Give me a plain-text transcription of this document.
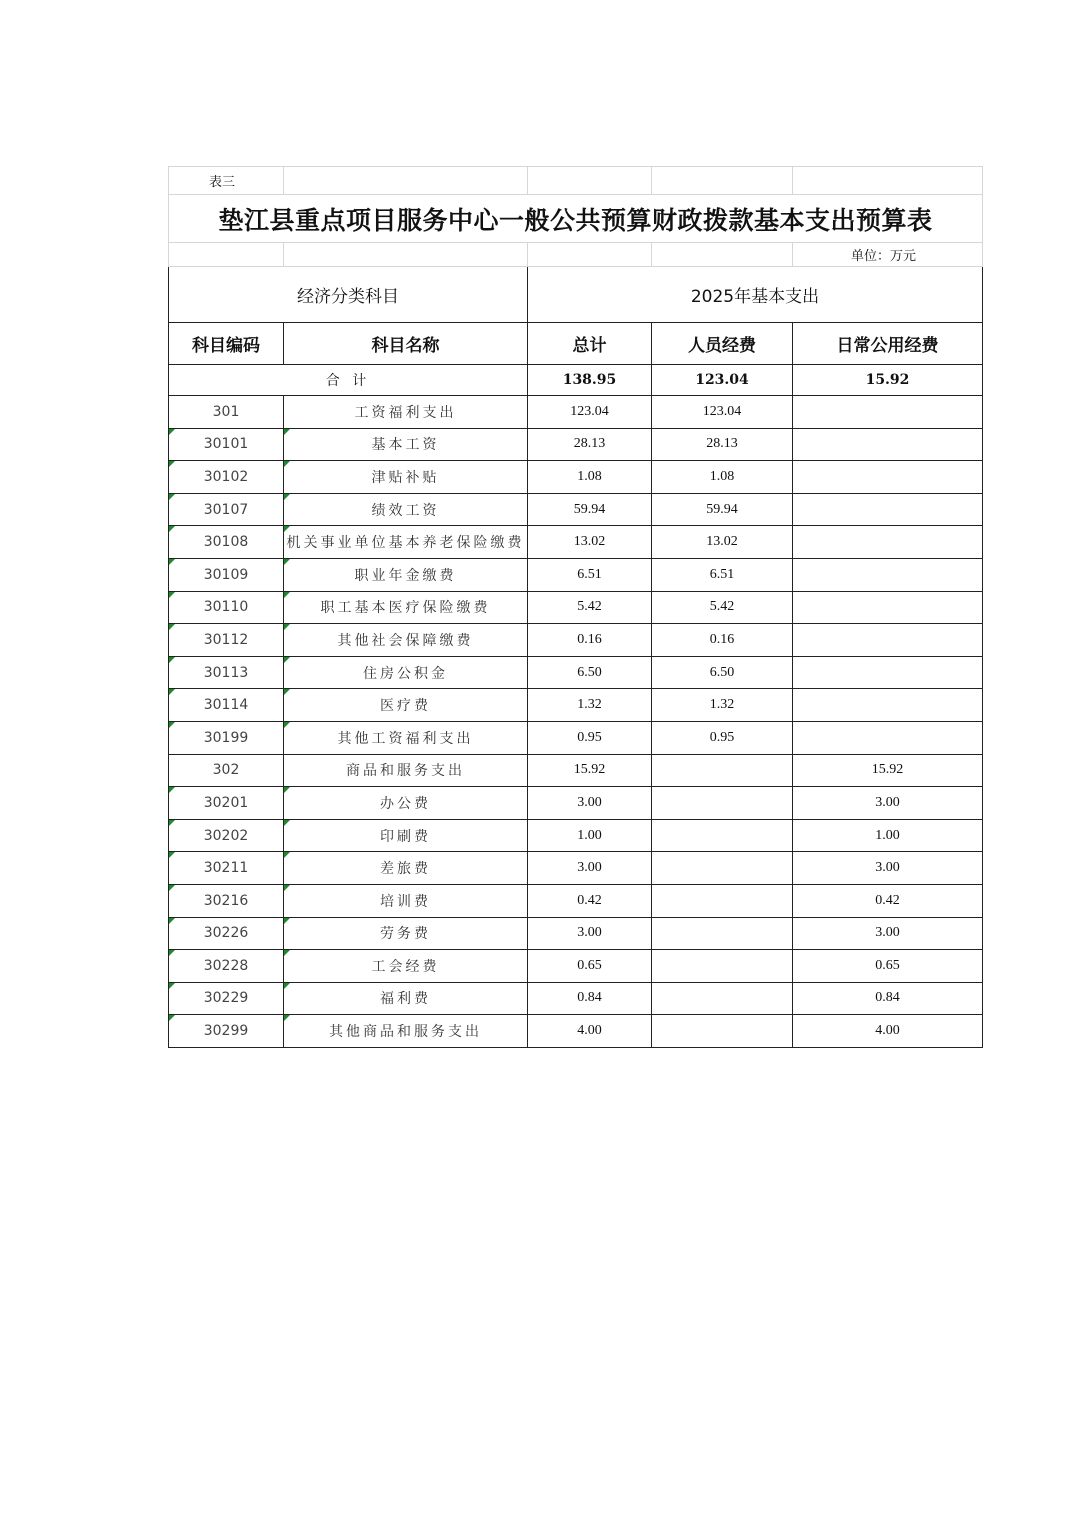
表三				
垫江县重点项目服务中心一般公共预算财政拨款基本支出预算表				
				单位：万元
经济分类科目		2025年基本支出		
科目编码	科目名称	总计	人员经费	日常公用经费
合 计		138.95	123.04	15.92
301	工资福利支出	123.04	123.04	
30101	基本工资	28.13	28.13	
30102	津贴补贴	1.08	1.08	
30107	绩效工资	59.94	59.94	
30108	机关事业单位基本养老保险缴费	13.02	13.02	
30109	职业年金缴费	6.51	6.51	
30110	职工基本医疗保险缴费	5.42	5.42	
30112	其他社会保障缴费	0.16	0.16	
30113	住房公积金	6.50	6.50	
30114	医疗费	1.32	1.32	
30199	其他工资福利支出	0.95	0.95	
302	商品和服务支出	15.92		15.92
30201	办公费	3.00		3.00
30202	印刷费	1.00		1.00
30211	差旅费	3.00		3.00
30216	培训费	0.42		0.42
30226	劳务费	3.00		3.00
30228	工会经费	0.65		0.65
30229	福利费	0.84		0.84
30299	其他商品和服务支出	4.00		4.00
